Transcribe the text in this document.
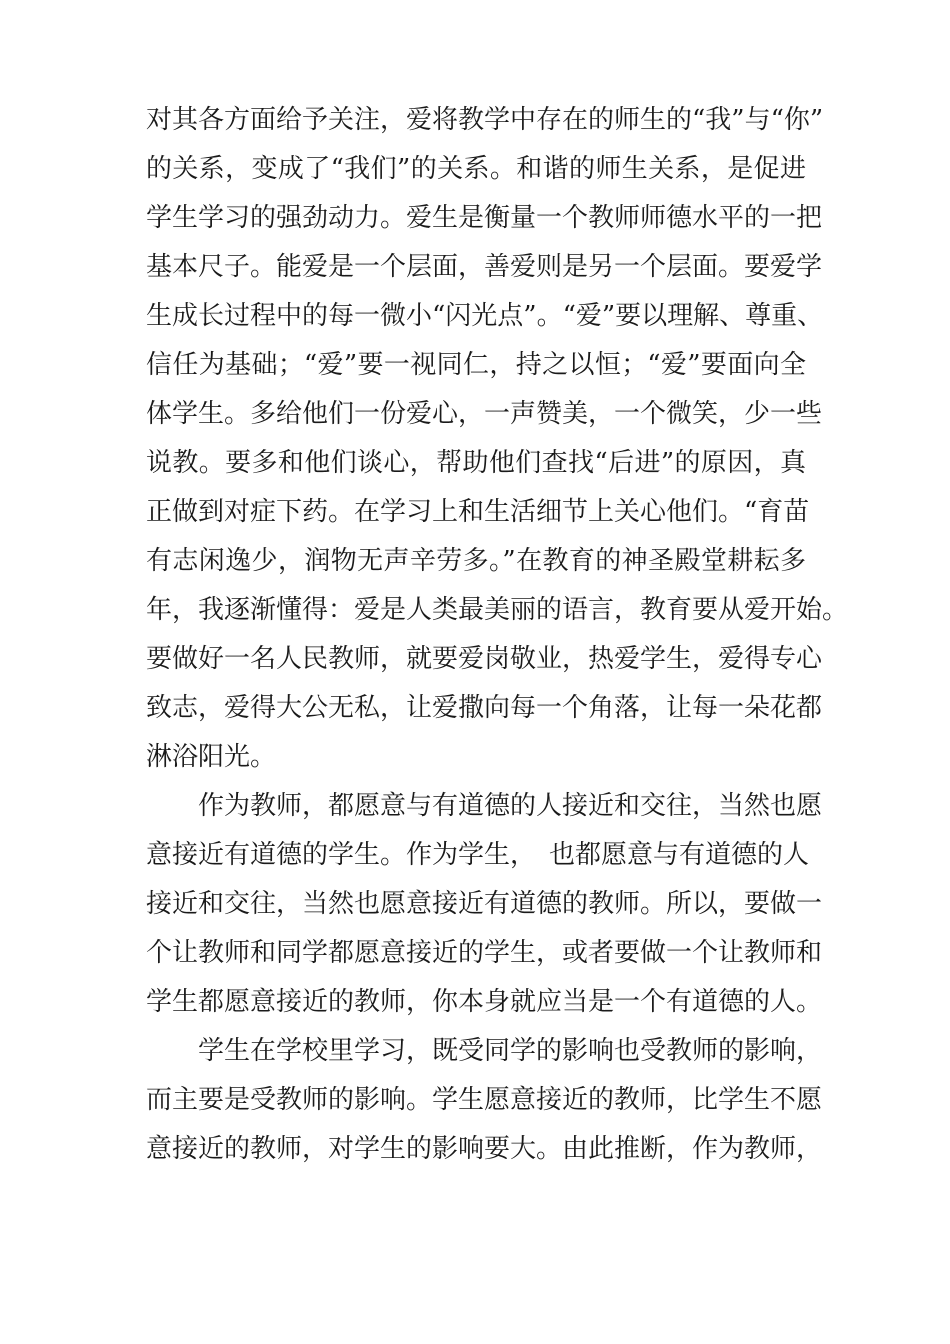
对其各方面给予关注，爱将教学中存在的师生的“我”与“你”
的关系，变成了“我们”的关系。和谐的师生关系，是促进
学生学习的强劲动力。爱生是衡量一个教师师德水平的一把
基本尺子。能爱是一个层面，善爱则是另一个层面。要爱学
生成长过程中的每一微小“闪光点”。“爱”要以理解、尊重、
信任为基础；“爱”要一视同仁，持之以恒；“爱”要面向全
体学生。多给他们一份爱心，一声赞美，一个微笑，少一些
说教。要多和他们谈心，帮助他们查找“后进”的原因，真
正做到对症下药。在学习上和生活细节上关心他们。“育苗
有志闲逸少，润物无声辛劳多。”在教育的神圣殿堂耕耘多
年，我逐渐懂得：爱是人类最美丽的语言，教育要从爱开始。
要做好一名人民教师，就要爱岗敬业，热爱学生，爱得专心
致志，爱得大公无私，让爱撒向每一个角落，让每一朵花都
淋浴阳光。
作为教师，都愿意与有道德的人接近和交往，当然也愿
意接近有道德的学生。作为学生，　也都愿意与有道德的人
接近和交往，当然也愿意接近有道德的教师。所以，要做一
个让教师和同学都愿意接近的学生，或者要做一个让教师和
学生都愿意接近的教师，你本身就应当是一个有道德的人。
学生在学校里学习，既受同学的影响也受教师的影响，
而主要是受教师的影响。学生愿意接近的教师，比学生不愿
意接近的教师，对学生的影响要大。由此推断，作为教师，
